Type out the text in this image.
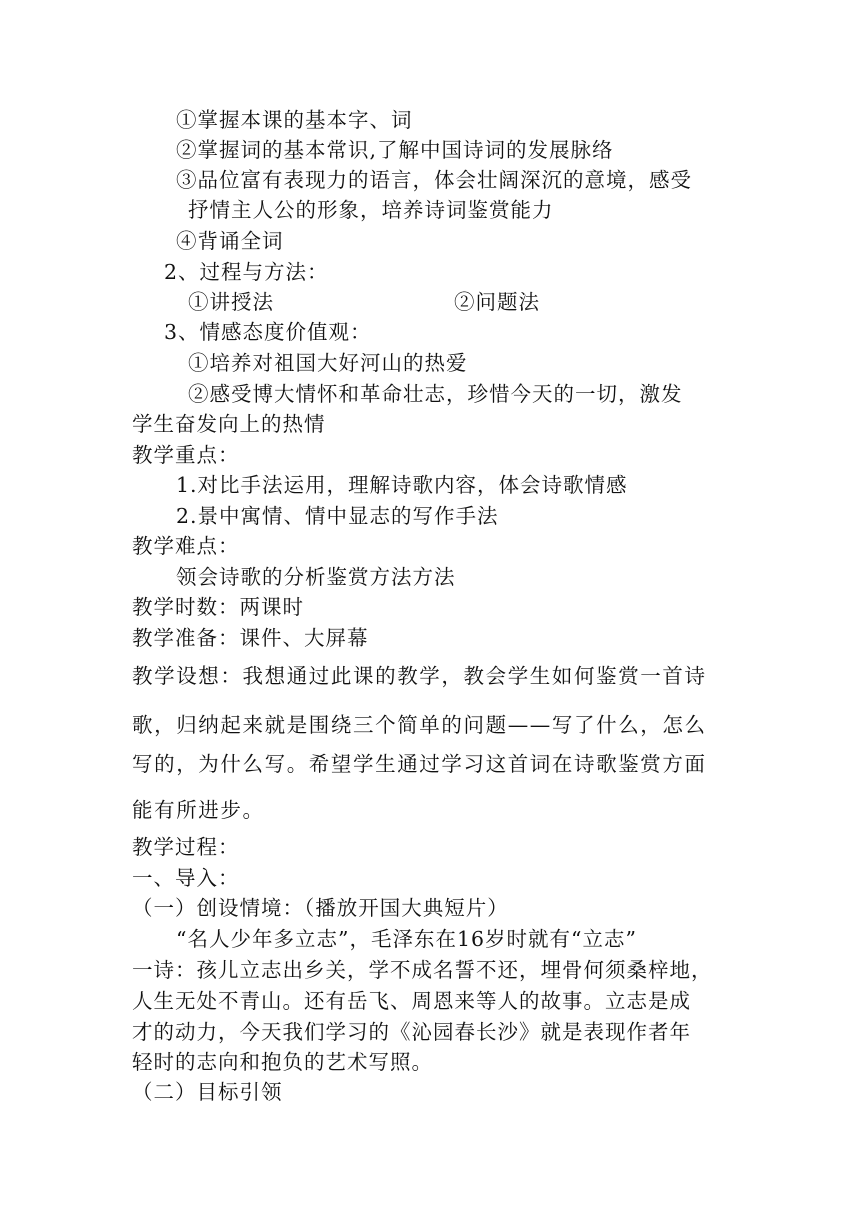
①掌握本课的基本字、词
②掌握词的基本常识,了解中国诗词的发展脉络
③品位富有表现力的语言，体会壮阔深沉的意境，感受
抒情主人公的形象，培养诗词鉴赏能力
④背诵全词
2、过程与方法：
①讲授法	②问题法
3、情感态度价值观：
①培养对祖国大好河山的热爱
②感受博大情怀和革命壮志，珍惜今天的一切，激发
学生奋发向上的热情
教学重点：
1.对比手法运用，理解诗歌内容，体会诗歌情感
2.景中寓情、情中显志的写作手法
教学难点：
领会诗歌的分析鉴赏方法方法
教学时数：两课时
教学准备：课件、大屏幕
教学设想：我想通过此课的教学，教会学生如何鉴赏一首诗
歌，归纳起来就是围绕三个简单的问题——写了什么，怎么
写的，为什么写。希望学生通过学习这首词在诗歌鉴赏方面
能有所进步。
教学过程：
一、导入：
（一）创设情境：（播放开国大典短片）
“名人少年多立志”，毛泽东在16岁时就有“立志”
一诗：孩儿立志出乡关，学不成名誓不还，埋骨何须桑梓地，
人生无处不青山。还有岳飞、周恩来等人的故事。立志是成
才的动力，今天我们学习的《沁园春长沙》就是表现作者年
轻时的志向和抱负的艺术写照。
（二）目标引领
